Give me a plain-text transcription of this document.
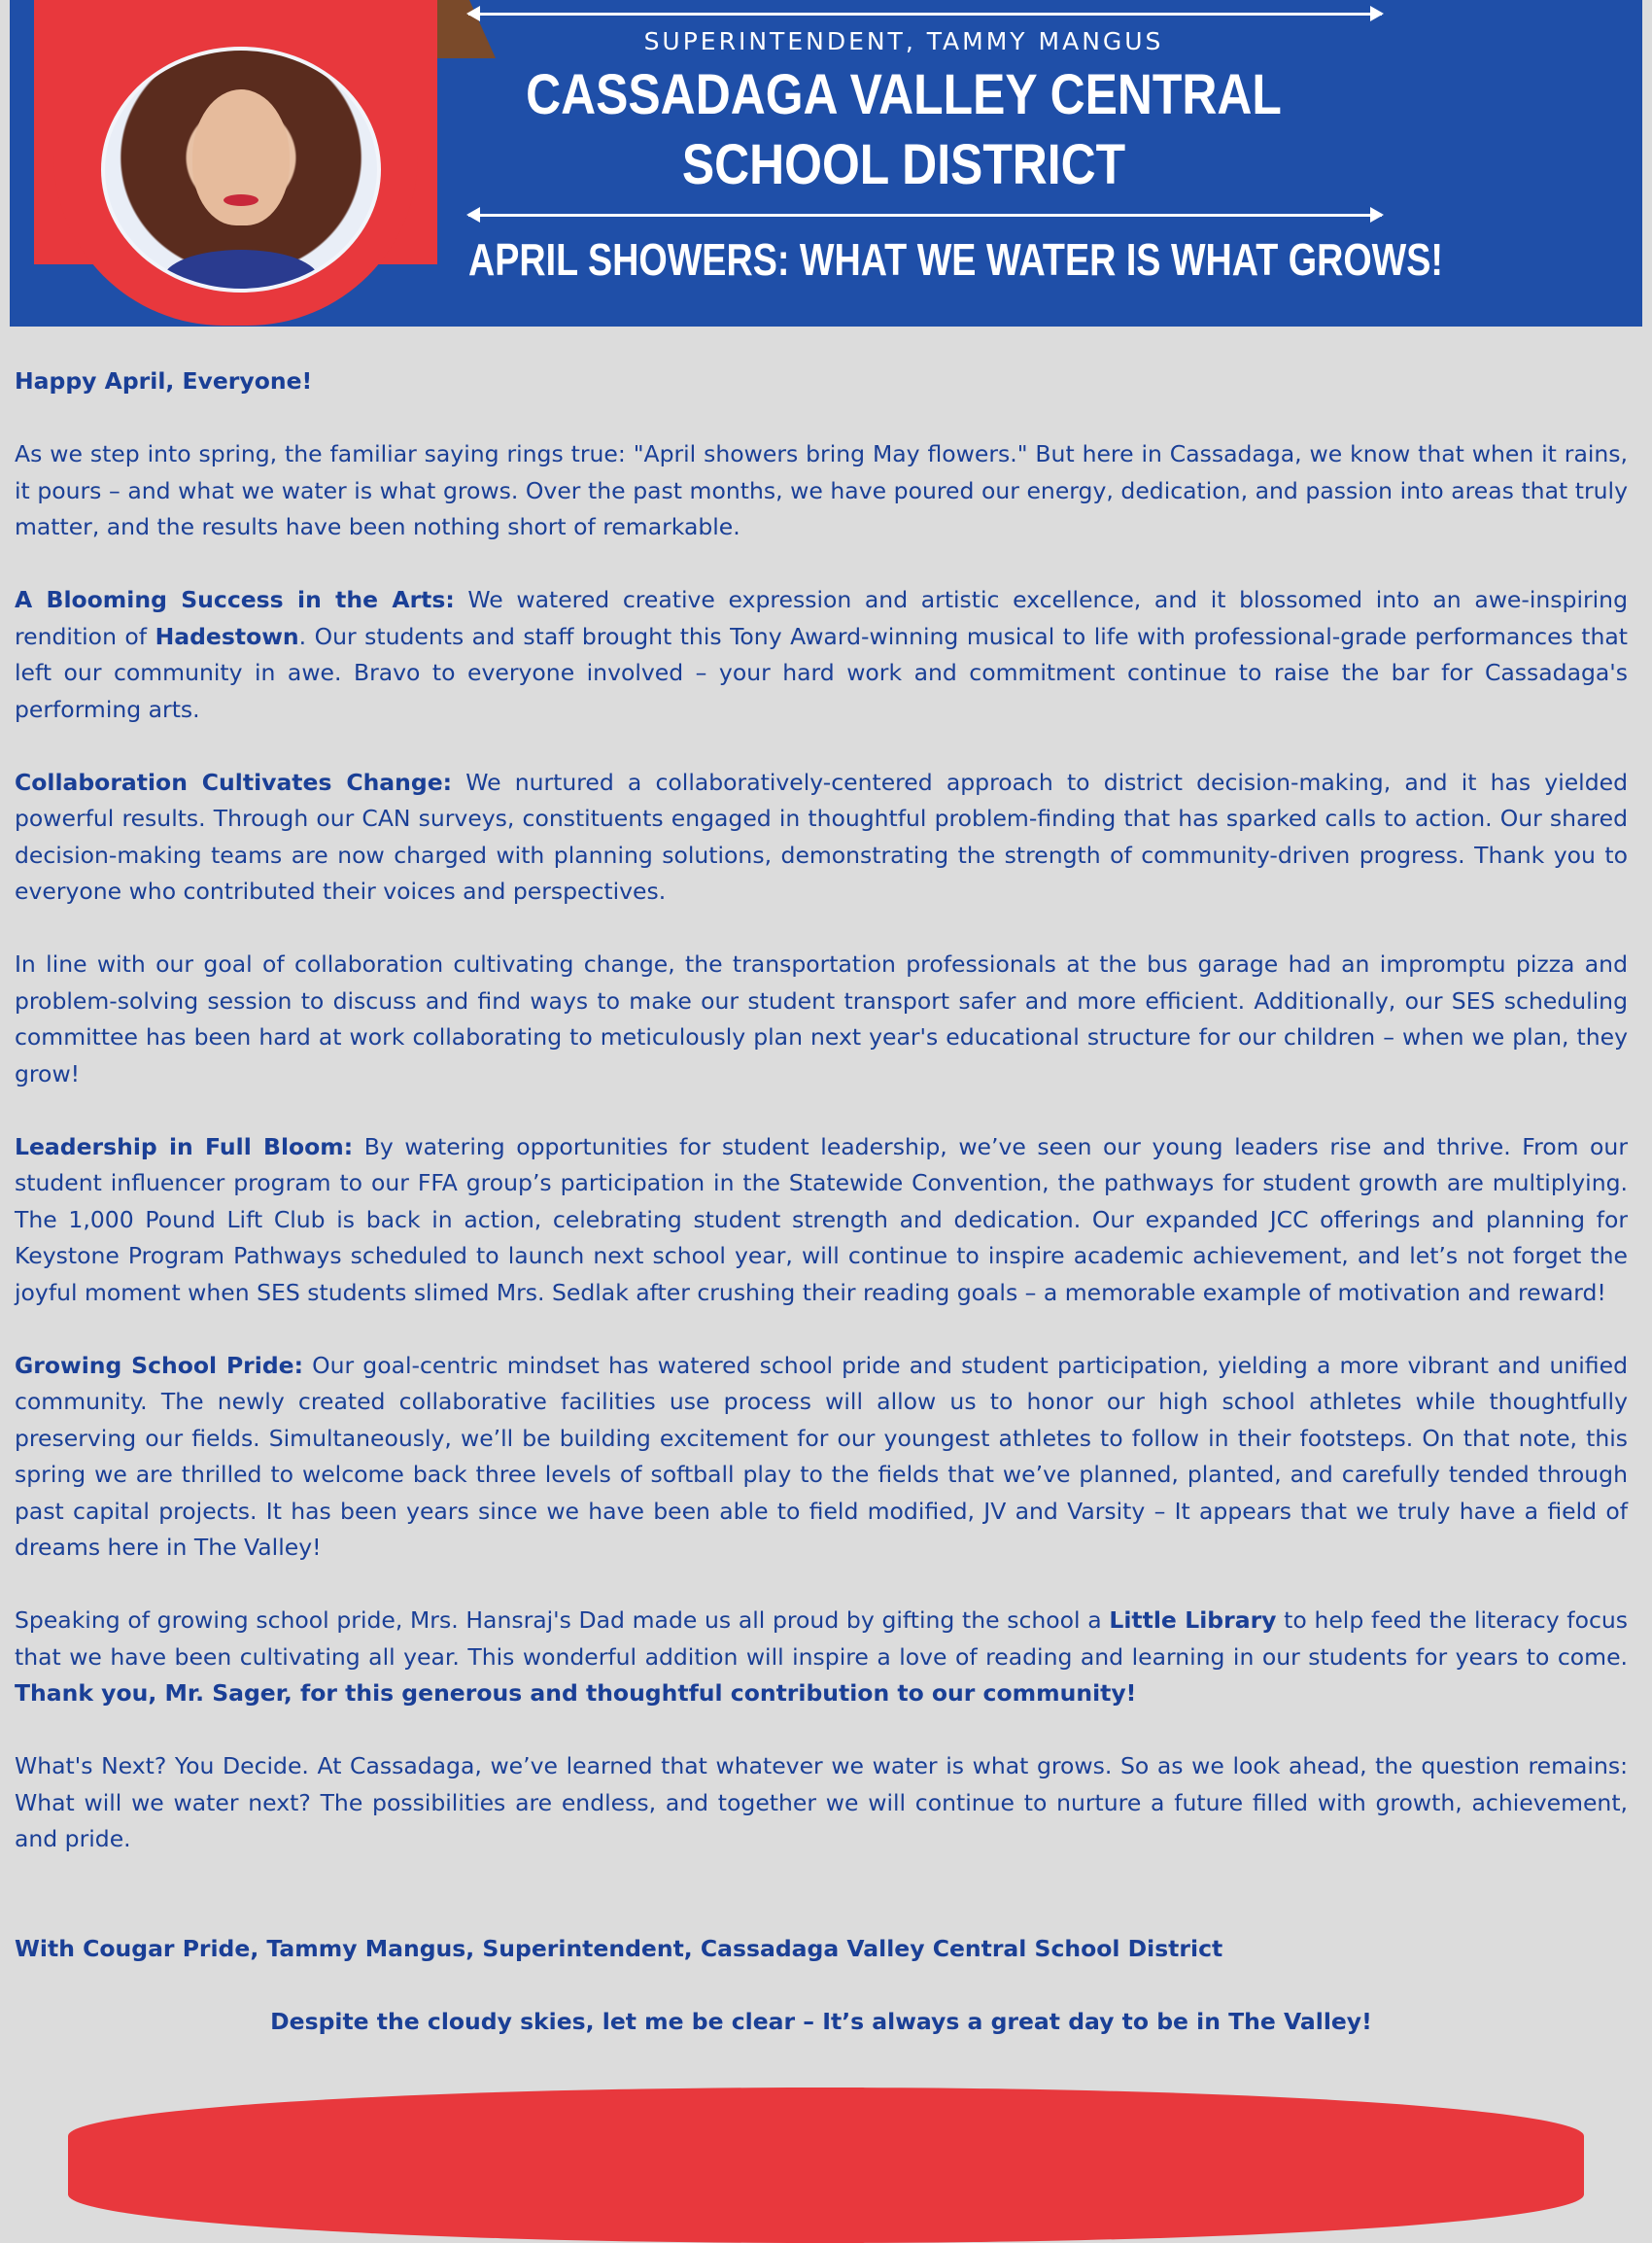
SUPERINTENDENT, TAMMY MANGUS
CASSADAGA VALLEY CENTRAL
SCHOOL DISTRICT
APRIL SHOWERS: WHAT WE WATER IS WHAT GROWS!

Happy April, Everyone!

As we step into spring, the familiar saying rings true: "April showers bring May flowers." But here in Cassadaga, we know that when it rains, it pours – and what we water is what grows. Over the past months, we have poured our energy, dedication, and passion into areas that truly matter, and the results have been nothing short of remarkable.

A Blooming Success in the Arts: We watered creative expression and artistic excellence, and it blossomed into an awe-inspiring rendition of Hadestown. Our students and staff brought this Tony Award-winning musical to life with professional-grade performances that left our community in awe. Bravo to everyone involved – your hard work and commitment continue to raise the bar for Cassadaga's performing arts.

Collaboration Cultivates Change: We nurtured a collaboratively-centered approach to district decision-making, and it has yielded powerful results. Through our CAN surveys, constituents engaged in thoughtful problem-finding that has sparked calls to action. Our shared decision-making teams are now charged with planning solutions, demonstrating the strength of community-driven progress. Thank you to everyone who contributed their voices and perspectives.

In line with our goal of collaboration cultivating change, the transportation professionals at the bus garage had an impromptu pizza and problem-solving session to discuss and find ways to make our student transport safer and more efficient. Additionally, our SES scheduling committee has been hard at work collaborating to meticulously plan next year's educational structure for our children – when we plan, they grow!

Leadership in Full Bloom: By watering opportunities for student leadership, we’ve seen our young leaders rise and thrive. From our student influencer program to our FFA group’s participation in the Statewide Convention, the pathways for student growth are multiplying. The 1,000 Pound Lift Club is back in action, celebrating student strength and dedication. Our expanded JCC offerings and planning for Keystone Program Pathways scheduled to launch next school year, will continue to inspire academic achievement, and let’s not forget the joyful moment when SES students slimed Mrs. Sedlak after crushing their reading goals – a memorable example of motivation and reward!

Growing School Pride: Our goal-centric mindset has watered school pride and student participation, yielding a more vibrant and unified community. The newly created collaborative facilities use process will allow us to honor our high school athletes while thoughtfully preserving our fields. Simultaneously, we’ll be building excitement for our youngest athletes to follow in their footsteps. On that note, this spring we are thrilled to welcome back three levels of softball play to the fields that we’ve planned, planted, and carefully tended through past capital projects. It has been years since we have been able to field modified, JV and Varsity – It appears that we truly have a field of dreams here in The Valley!

Speaking of growing school pride, Mrs. Hansraj's Dad made us all proud by gifting the school a Little Library to help feed the literacy focus that we have been cultivating all year. This wonderful addition will inspire a love of reading and learning in our students for years to come. Thank you, Mr. Sager, for this generous and thoughtful contribution to our community!

What's Next? You Decide. At Cassadaga, we’ve learned that whatever we water is what grows. So as we look ahead, the question remains: What will we water next? The possibilities are endless, and together we will continue to nurture a future filled with growth, achievement, and pride.

With Cougar Pride, Tammy Mangus, Superintendent, Cassadaga Valley Central School District

Despite the cloudy skies, let me be clear – It’s always a great day to be in The Valley!
